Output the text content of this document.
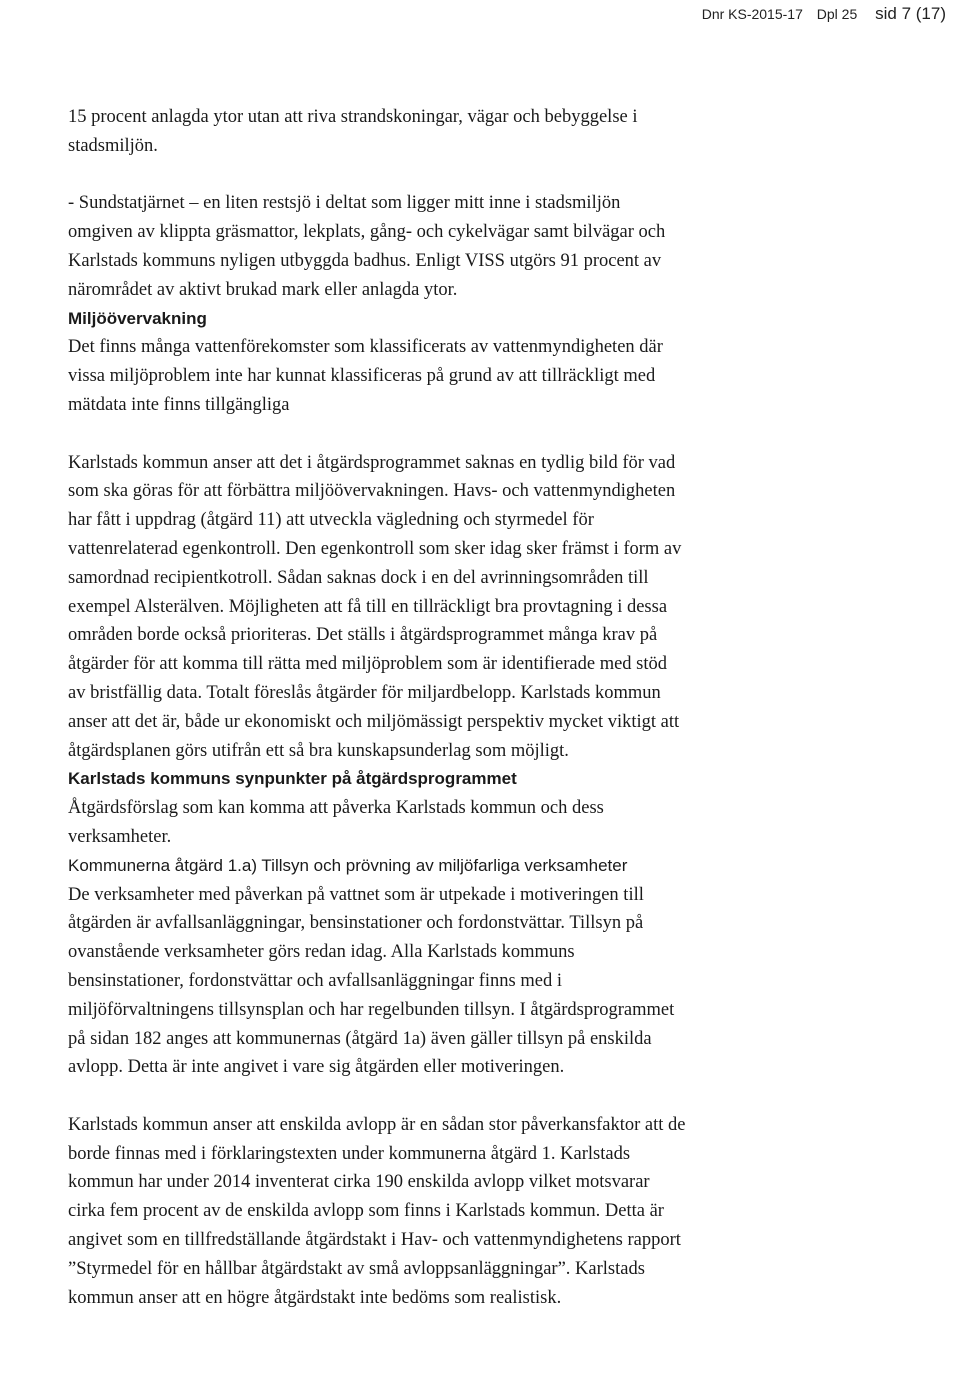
Dnr KS-2015-17 Dpl 25 sid 7 (17)
15 procent anlagda ytor utan att riva strandskoningar, vägar och bebyggelse i
stadsmiljön.
- Sundstatjärnet – en liten restsjö i deltat som ligger mitt inne i stadsmiljön
omgiven av klippta gräsmattor, lekplats, gång- och cykelvägar samt bilvägar och
Karlstads kommuns nyligen utbyggda badhus. Enligt VISS utgörs 91 procent av
närområdet av aktivt brukad mark eller anlagda ytor.
Miljöövervakning
Det finns många vattenförekomster som klassificerats av vattenmyndigheten där
vissa miljöproblem inte har kunnat klassificeras på grund av att tillräckligt med
mätdata inte finns tillgängliga
Karlstads kommun anser att det i åtgärdsprogrammet saknas en tydlig bild för vad
som ska göras för att förbättra miljöövervakningen. Havs- och vattenmyndigheten
har fått i uppdrag (åtgärd 11) att utveckla vägledning och styrmedel för
vattenrelaterad egenkontroll. Den egenkontroll som sker idag sker främst i form av
samordnad recipientkotroll. Sådan saknas dock i en del avrinningsområden till
exempel Alsterälven. Möjligheten att få till en tillräckligt bra provtagning i dessa
områden borde också prioriteras. Det ställs i åtgärdsprogrammet många krav på
åtgärder för att komma till rätta med miljöproblem som är identifierade med stöd
av bristfällig data. Totalt föreslås åtgärder för miljardbelopp. Karlstads kommun
anser att det är, både ur ekonomiskt och miljömässigt perspektiv mycket viktigt att
åtgärdsplanen görs utifrån ett så bra kunskapsunderlag som möjligt.
Karlstads kommuns synpunkter på åtgärdsprogrammet
Åtgärdsförslag som kan komma att påverka Karlstads kommun och dess
verksamheter.
Kommunerna åtgärd 1.a) Tillsyn och prövning av miljöfarliga verksamheter
De verksamheter med påverkan på vattnet som är utpekade i motiveringen till
åtgärden är avfallsanläggningar, bensinstationer och fordonstvättar. Tillsyn på
ovanstående verksamheter görs redan idag. Alla Karlstads kommuns
bensinstationer, fordonstvättar och avfallsanläggningar finns med i
miljöförvaltningens tillsynsplan och har regelbunden tillsyn. I åtgärdsprogrammet
på sidan 182 anges att kommunernas (åtgärd 1a) även gäller tillsyn på enskilda
avlopp. Detta är inte angivet i vare sig åtgärden eller motiveringen.
Karlstads kommun anser att enskilda avlopp är en sådan stor påverkansfaktor att de
borde finnas med i förklaringstexten under kommunerna åtgärd 1. Karlstads
kommun har under 2014 inventerat cirka 190 enskilda avlopp vilket motsvarar
cirka fem procent av de enskilda avlopp som finns i Karlstads kommun. Detta är
angivet som en tillfredställande åtgärdstakt i Hav- och vattenmyndighetens rapport
”Styrmedel för en hållbar åtgärdstakt av små avloppsanläggningar”. Karlstads
kommun anser att en högre åtgärdstakt inte bedöms som realistisk.
